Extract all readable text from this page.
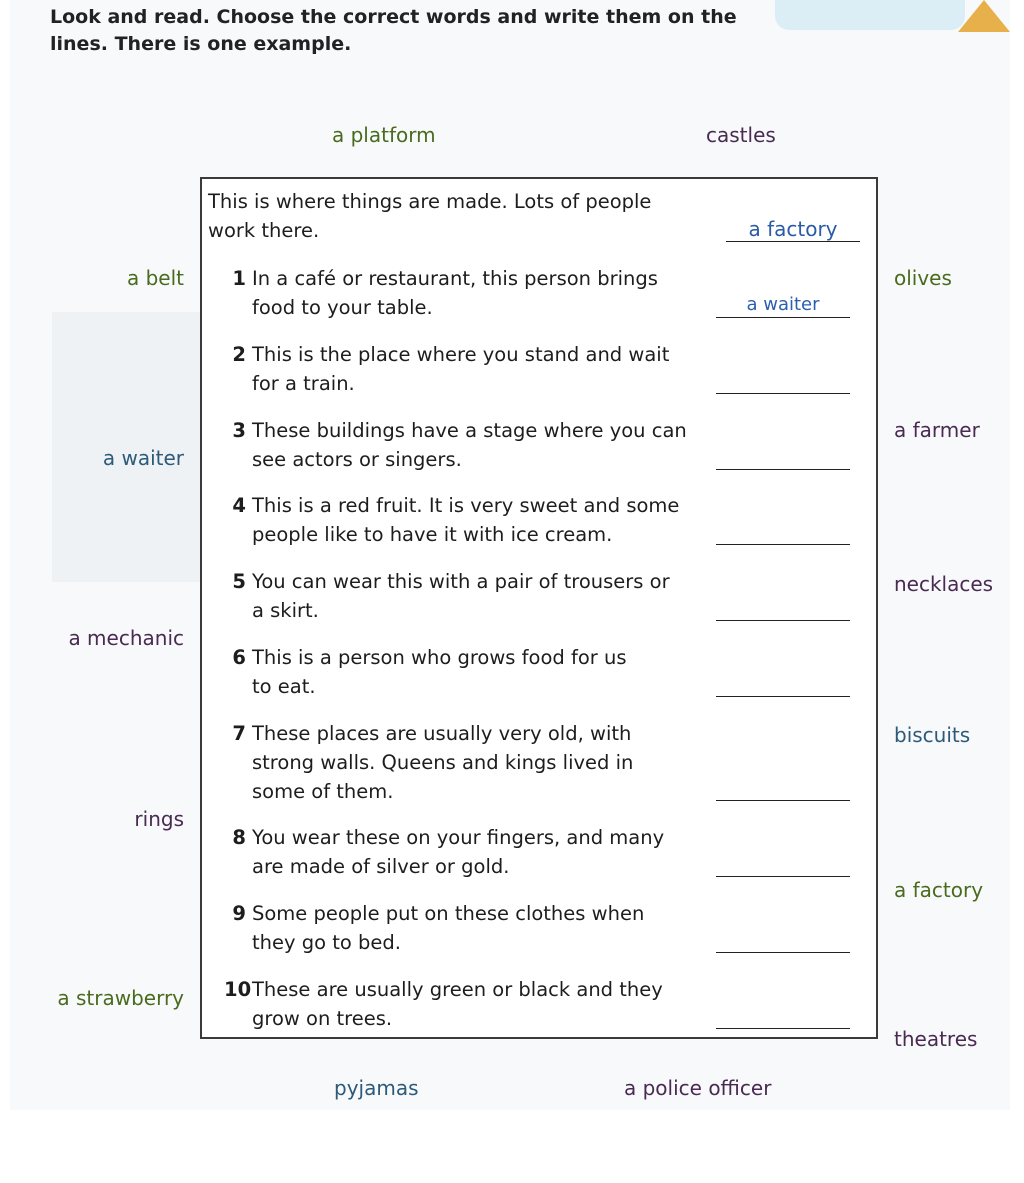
Look and read. Choose the correct words and write them on the lines. There is one example.

a platform	castles
a belt
a waiter
a mechanic
rings
a strawberry
olives
a farmer
necklaces
biscuits
a factory
theatres
pyjamas	a police officer
This is where things are made. Lots of people
work there.	a factory
1 In a café or restaurant, this person brings
food to your table.	a waiter
2 This is the place where you stand and wait
for a train.
3 These buildings have a stage where you can
see actors or singers.
4 This is a red fruit. It is very sweet and some
people like to have it with ice cream.
5 You can wear this with a pair of trousers or
a skirt.
6 This is a person who grows food for us
to eat.
7 These places are usually very old, with
strong walls. Queens and kings lived in
some of them.
8 You wear these on your fingers, and many
are made of silver or gold.
9 Some people put on these clothes when
they go to bed.
10 These are usually green or black and they
grow on trees.
